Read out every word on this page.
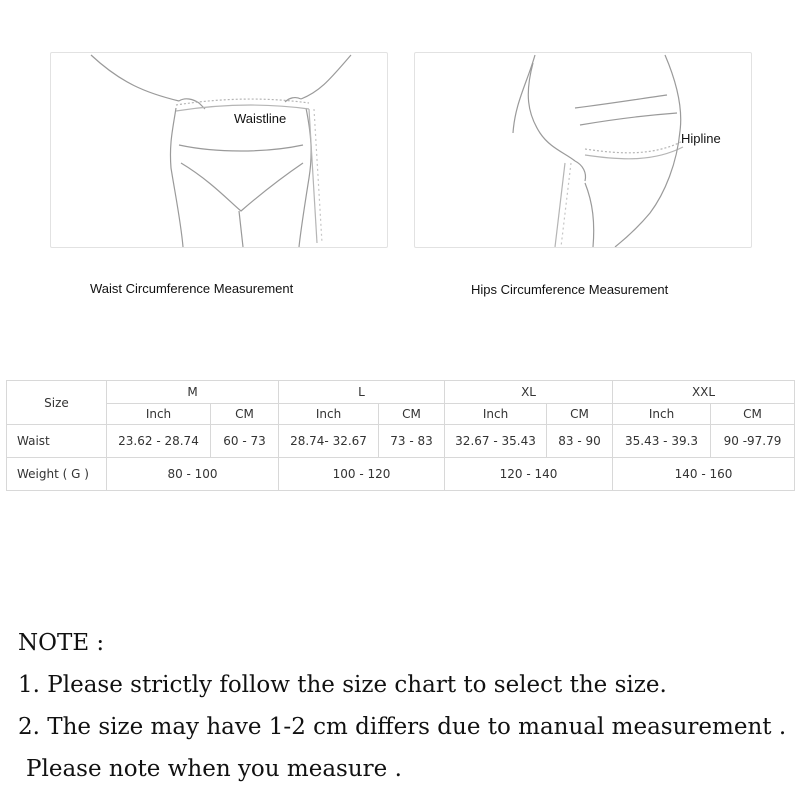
Waistline
Hipline
Waist Circumference Measurement	Hips Circumference Measurement
Size	M		L		XL		XXL	
	Inch	CM	Inch	CM	Inch	CM	Inch	CM
Waist	23.62 - 28.74	60 - 73	28.74- 32.67	73 - 83	32.67 - 35.43	83 - 90	35.43 - 39.3	90 -97.79
Weight ( G )	80 - 100		100 - 120		120 - 140		140 - 160	
NOTE :
1. Please strictly follow the size chart to select the size.
2. The size may have 1-2 cm differs due to manual measurement .
Please note when you measure .
